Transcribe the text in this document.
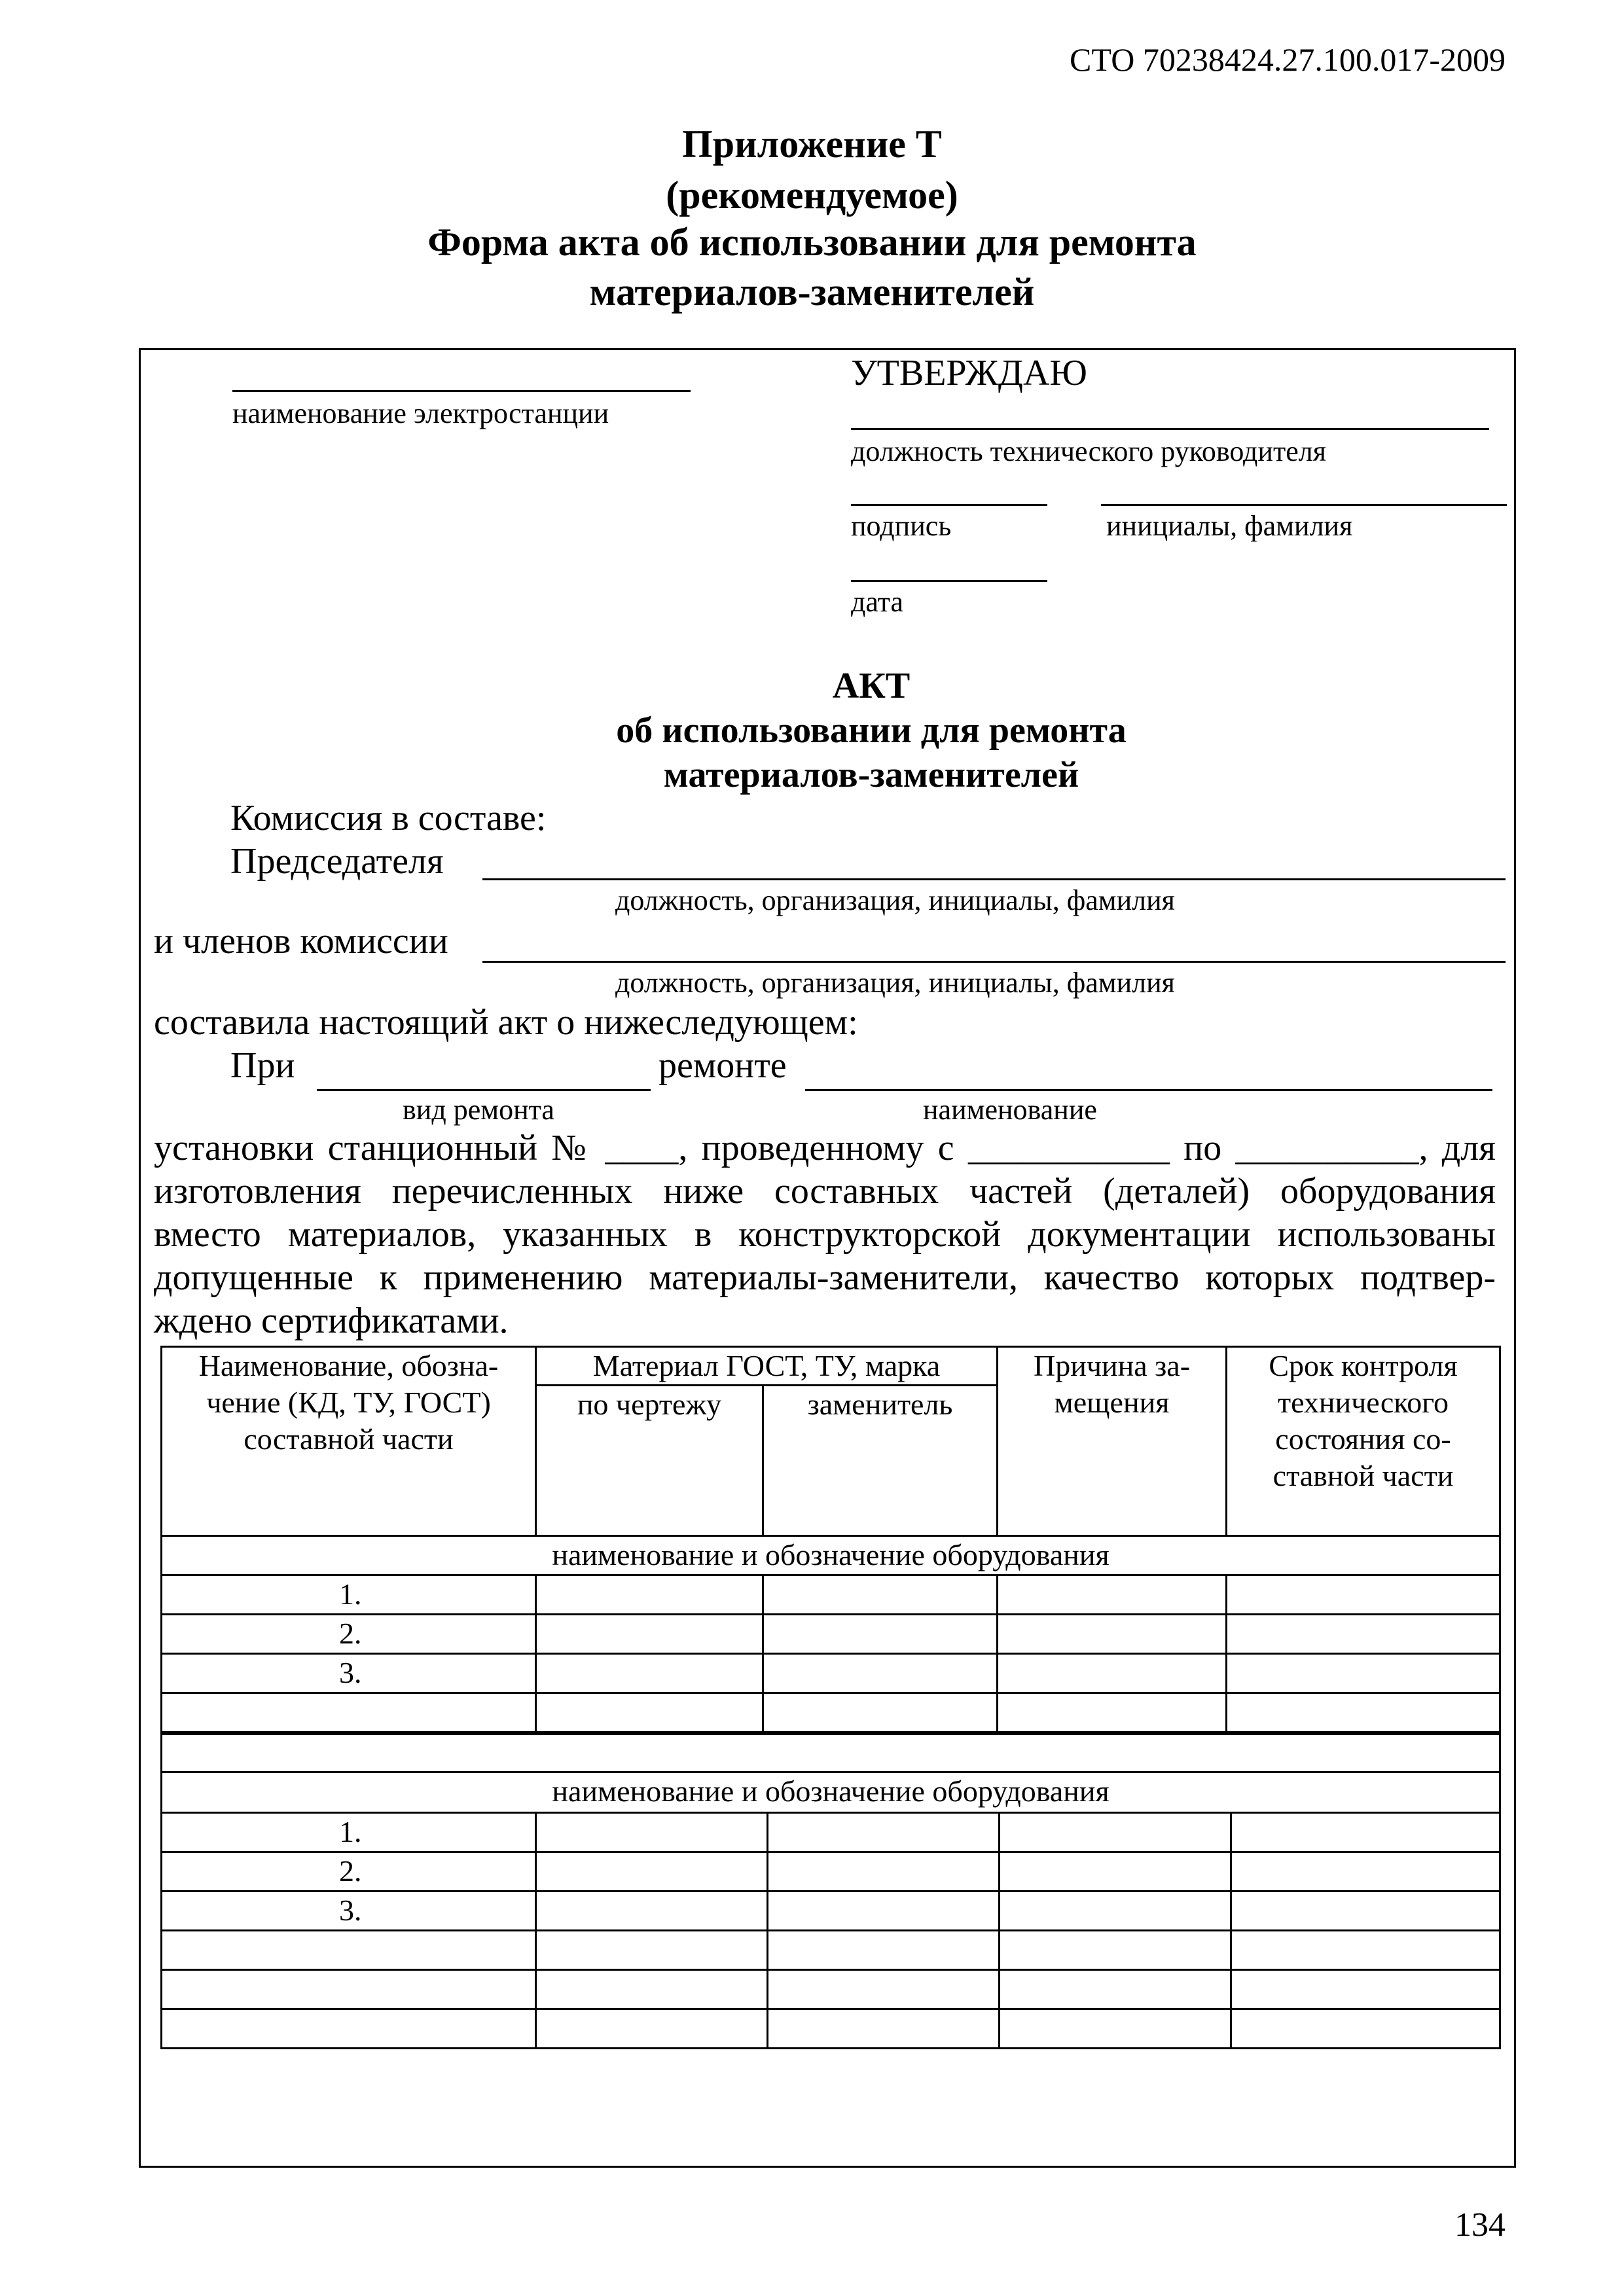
СТО 70238424.27.100.017-2009
Приложение Т
(рекомендуемое)
Форма акта об использовании для ремонта
материалов-заменителей
наименование электростанции
УТВЕРЖДАЮ
должность технического руководителя
подпись	инициалы, фамилия
дата
АКТ
об использовании для ремонта
материалов-заменителей
Комиссия в составе:
Председателя
должность, организация, инициалы, фамилия
и членов комиссии
должность, организация, инициалы, фамилия
составила настоящий акт о нижеследующем:
При	ремонте
вид ремонта	наименование
установки станционный № ____, проведенному с ___________ по __________, для
изготовления перечисленных ниже составных частей (деталей) оборудования
вместо материалов, указанных в конструкторской документации использованы
допущенные к применению материалы-заменители, качество которых подтвер-
ждено сертификатами.
Наименование, обозна-чение (КД, ТУ, ГОСТ) составной части	Материал ГОСТ, ТУ, марка		Причина за-мещения	Срок контроля технического состояния со-ставной части
	по чертежу	заменитель		
наименование и обозначение оборудования				
1.				
2.				
3.				

наименование и обозначение оборудования				
1.				
2.				
3.				

134
